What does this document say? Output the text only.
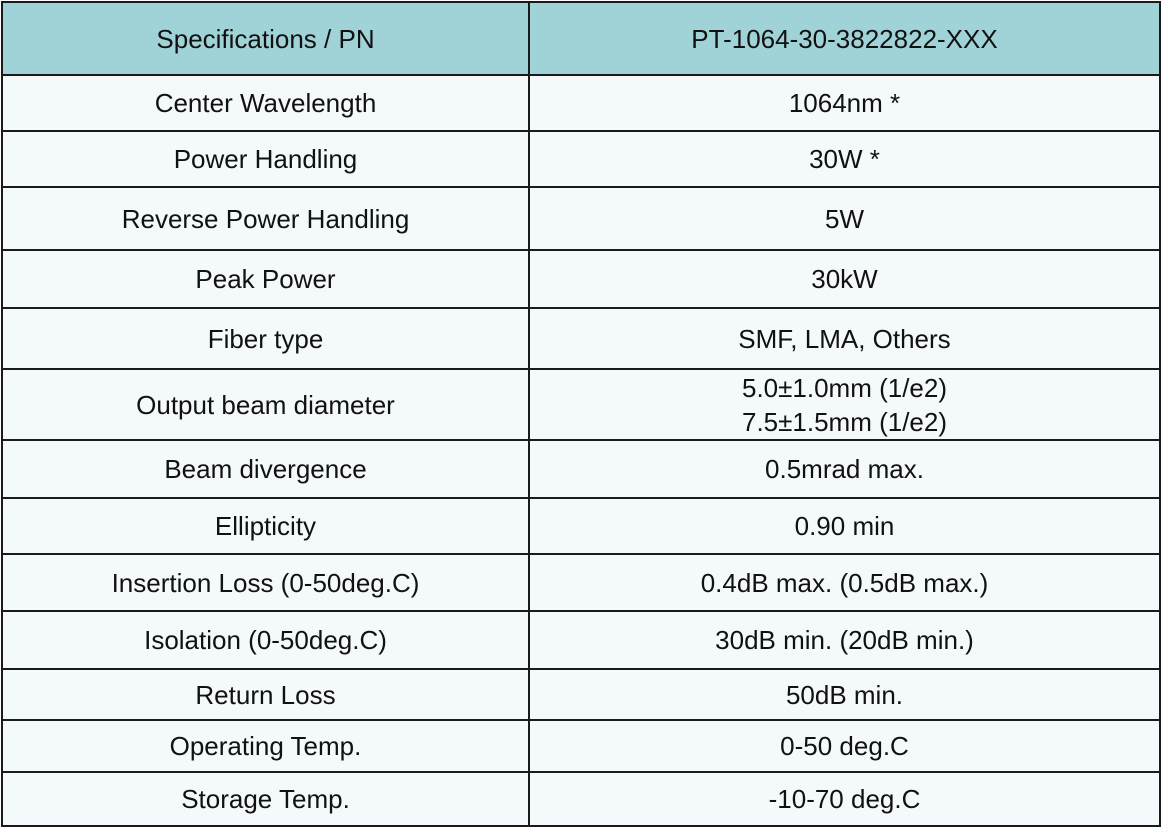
Specifications / PN	PT-1064-30-3822822-XXX
Center Wavelength	1064nm *
Power Handling	30W *
Reverse Power Handling	5W
Peak Power	30kW
Fiber type	SMF, LMA, Others
Output beam diameter	5.0±1.0mm (1/e2)
7.5±1.5mm (1/e2)

Beam divergence	0.5mrad max.
Ellipticity	0.90 min
Insertion Loss (0-50deg.C)	0.4dB max. (0.5dB max.)
Isolation (0-50deg.C)	30dB min. (20dB min.)
Return Loss	50dB min.
Operating Temp.	0-50 deg.C
Storage Temp.	-10-70 deg.C
